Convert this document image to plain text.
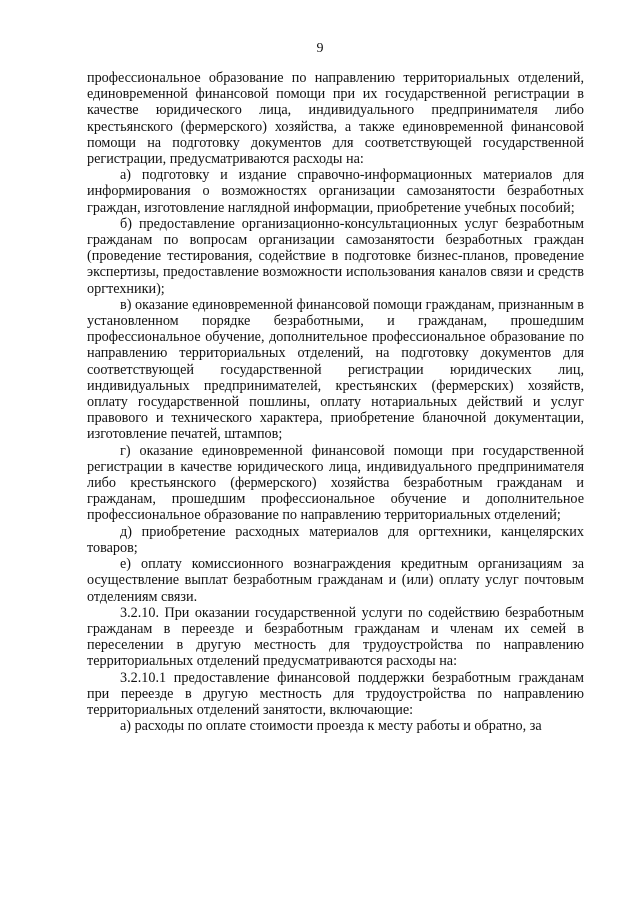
9

профессиональное образование по направлению территориальных отделений, единовременной финансовой помощи при их государственной регистрации в качестве юридического лица, индивидуального предпринимателя либо крестьянского (фермерского) хозяйства, а также единовременной финансовой помощи на подготовку документов для соответствующей государственной регистрации, предусматриваются расходы на:

а) подготовку и издание справочно-информационных материалов для информирования о возможностях организации самозанятости безработных граждан, изготовление наглядной информации, приобретение учебных пособий;

б) предоставление организационно-консультационных услуг безработным гражданам по вопросам организации самозанятости безработных граждан (проведение тестирования, содействие в подготовке бизнес-планов, проведение экспертизы, предоставление возможности использования каналов связи и средств оргтехники);

в) оказание единовременной финансовой помощи гражданам, признанным в установленном порядке безработными, и гражданам, прошедшим профессиональное обучение, дополнительное профессиональное образование по направлению территориальных отделений, на подготовку документов для соответствующей государственной регистрации юридических лиц, индивидуальных предпринимателей, крестьянских (фермерских) хозяйств, оплату государственной пошлины, оплату нотариальных действий и услуг правового и технического характера, приобретение бланочной документации, изготовление печатей, штампов;

г) оказание единовременной финансовой помощи при государственной регистрации в качестве юридического лица, индивидуального предпринимателя либо крестьянского (фермерского) хозяйства безработным гражданам и гражданам, прошедшим профессиональное обучение и дополнительное профессиональное образование по направлению территориальных отделений;

д) приобретение расходных материалов для оргтехники, канцелярских товаров;

е) оплату комиссионного вознаграждения кредитным организациям за осуществление выплат безработным гражданам и (или) оплату услуг почтовым отделениям связи.

3.2.10. При оказании государственной услуги по содействию безработным гражданам в переезде и безработным гражданам и членам их семей в переселении в другую местность для трудоустройства по направлению территориальных отделений предусматриваются расходы на:

3.2.10.1 предоставление финансовой поддержки безработным гражданам при переезде в другую местность для трудоустройства по направлению территориальных отделений занятости, включающие:

а) расходы по оплате стоимости проезда к месту работы и обратно, за
